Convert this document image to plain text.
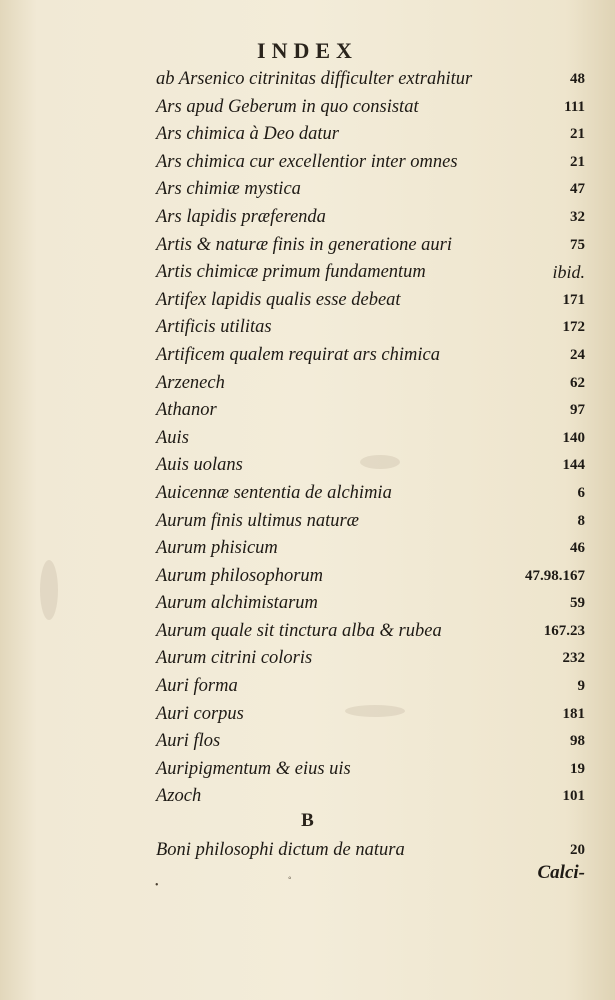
•
◦
INDEX
ab Arsenico citrinitas difficulter extrahitur	48
Ars apud Geberum in quo consistat	111
Ars chimica à Deo datur	21
Ars chimica cur excellentior inter omnes	21
Ars chimiæ mystica	47
Ars lapidis præferenda	32
Artis & naturæ finis in generatione auri	75
Artis chimicæ primum fundamentum	ibid.
Artifex lapidis qualis esse debeat	171
Artificis utilitas	172
Artificem qualem requirat ars chimica	24
Arzenech	62
Athanor	97
Auis	140
Auis uolans	144
Auicennæ sententia de alchimia	6
Aurum finis ultimus naturæ	8
Aurum phisicum	46
Aurum philosophorum	47.98.167
Aurum alchimistarum	59
Aurum quale sit tinctura alba & rubea	167.23
Aurum citrini coloris	232
Auri forma	9
Auri corpus	181
Auri flos	98
Auripigmentum & eius uis	19
Azoch	101
B
Boni philosophi dictum de natura	20
Calci-
